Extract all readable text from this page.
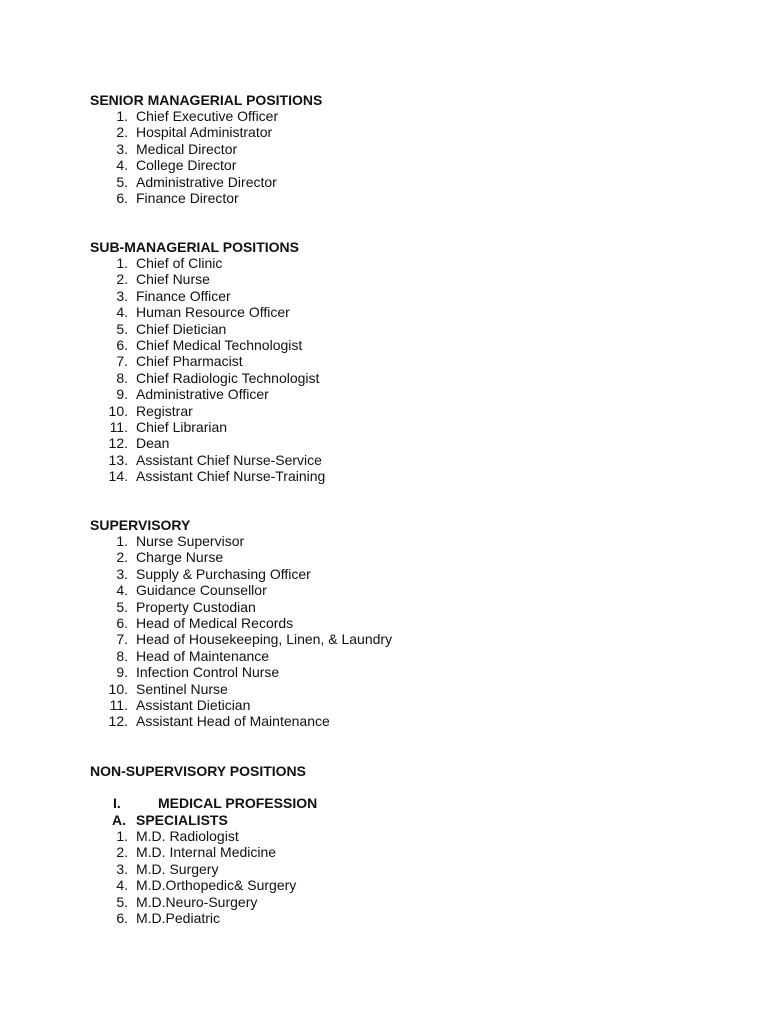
SENIOR MANAGERIAL POSITIONS
1. Chief Executive Officer
2. Hospital Administrator
3. Medical Director
4. College Director
5. Administrative Director
6. Finance Director
SUB-MANAGERIAL POSITIONS
1. Chief of Clinic
2. Chief Nurse
3. Finance Officer
4. Human Resource Officer
5. Chief Dietician
6. Chief Medical Technologist
7. Chief Pharmacist
8. Chief Radiologic Technologist
9. Administrative Officer
10. Registrar
11. Chief Librarian
12. Dean
13. Assistant Chief Nurse-Service
14. Assistant Chief Nurse-Training
SUPERVISORY
1. Nurse Supervisor
2. Charge Nurse
3. Supply & Purchasing Officer
4. Guidance Counsellor
5. Property Custodian
6. Head of Medical Records
7. Head of Housekeeping, Linen, & Laundry
8. Head of Maintenance
9. Infection Control Nurse
10. Sentinel Nurse
11. Assistant Dietician
12. Assistant Head of Maintenance
NON-SUPERVISORY POSITIONS
I.	MEDICAL PROFESSION
A. SPECIALISTS
1. M.D. Radiologist
2. M.D. Internal Medicine
3. M.D. Surgery
4. M.D.Orthopedic& Surgery
5. M.D.Neuro-Surgery
6. M.D.Pediatric
